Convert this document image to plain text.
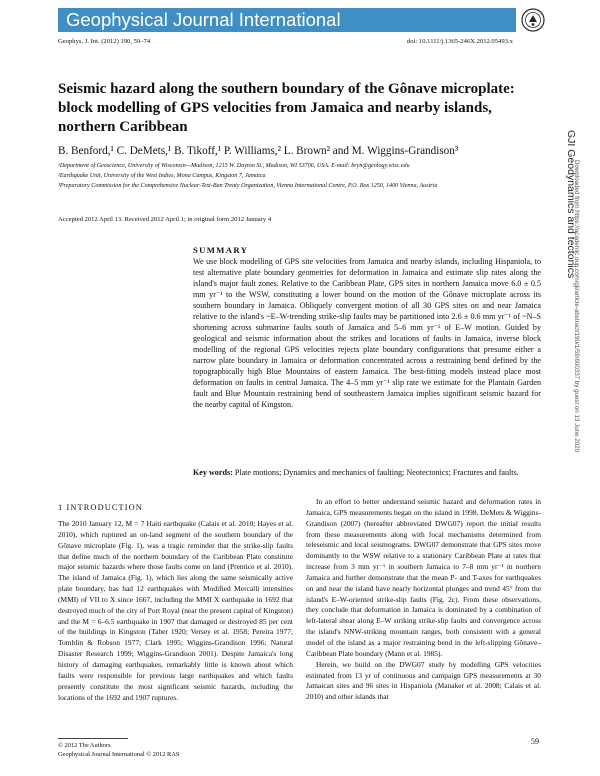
Geophysical Journal International
Geophys. J. Int. (2012) 190, 59–74	doi: 10.1111/j.1365-246X.2012.05493.x
Seismic hazard along the southern boundary of the Gônave microplate: block modelling of GPS velocities from Jamaica and nearby islands, northern Caribbean
B. Benford,¹ C. DeMets,¹ B. Tikoff,¹ P. Williams,² L. Brown² and M. Wiggins-Grandison³
¹Department of Geoscience, University of Wisconsin—Madison, 1215 W. Dayton St., Madison, WI 53706, USA. E-mail: bryn@geology.wisc.edu
²Earthquake Unit, University of the West Indies, Mona Campus, Kingston 7, Jamaica
³Preparatory Commission for the Comprehensive Nuclear-Test-Ban Treaty Organization, Vienna International Centre, P.O. Box 1250, 1400 Vienna, Austria
Accepted 2012 April 13. Received 2012 April 1; in original form 2012 January 4
SUMMARY
We use block modelling of GPS site velocities from Jamaica and nearby islands, including Hispaniola, to test alternative plate boundary geometries for deformation in Jamaica and estimate slip rates along the island's major fault zones. Relative to the Caribbean Plate, GPS sites in northern Jamaica move 6.0 ± 0.5 mm yr⁻¹ to the WSW, constituting a lower bound on the motion of the Gônave microplate across its southern boundary in Jamaica. Obliquely convergent motion of all 30 GPS sites on and near Jamaica relative to the island's ~E–W-trending strike-slip faults may be partitioned into 2.6 ± 0.6 mm yr⁻¹ of ~N–S shortening across submarine faults south of Jamaica and 5–6 mm yr⁻¹ of E–W motion. Guided by geological and seismic information about the strikes and locations of faults in Jamaica, inverse block modelling of the regional GPS velocities rejects plate boundary configurations that presume either a narrow plate boundary in Jamaica or deformation concentrated across a restraining bend defined by the topographically high Blue Mountains of eastern Jamaica. The best-fitting models instead place most deformation on faults in central Jamaica. The 4–5 mm yr⁻¹ slip rate we estimate for the Plantain Garden fault and Blue Mountain restraining bend of southeastern Jamaica implies significant seismic hazard for the nearby capital of Kingston.
Key words: Plate motions; Dynamics and mechanics of faulting; Neotectonics; Fractures and faults.
1 INTRODUCTION

The 2010 January 12, M = 7 Haiti earthquake (Calais et al. 2010; Hayes et al. 2010), which ruptured an on-land segment of the southern boundary of the Gônave microplate (Fig. 1), was a tragic reminder that the strike-slip faults that define much of the northern boundary of the Caribbean Plate constitute major seismic hazards where those faults come on land (Prentice et al. 2010). The island of Jamaica (Fig. 1), which lies along the same seismically active plate boundary, has had 12 earthquakes with Modified Mercalli intensities (MMI) of VII to X since 1667, including the MMI X earthquake in 1692 that destroyed much of the city of Port Royal (near the present capital of Kingston) and the M = 6–6.5 earthquake in 1907 that damaged or destroyed 85 per cent of the buildings in Kingston (Taber 1920; Versey et al. 1958; Pereira 1977; Tomblin & Robson 1977; Clark 1995; Wiggins-Grandison 1996; Natural Disaster Research 1999; Wiggins-Grandison 2001). Despite Jamaica's long history of damaging earthquakes, remarkably little is known about which faults were responsible for previous large earthquakes and which faults presently constitute the most significant seismic hazards, including the locations of the 1692 and 1907 ruptures.

In an effort to better understand seismic hazard and deformation rates in Jamaica, GPS measurements began on the island in 1998. DeMets & Wiggins-Grandison (2007) (hereafter abbreviated DWG07) report the initial results from these measurements along with focal mechanisms determined from teleseismic and local seismograms. DWG07 demonstrate that GPS sites move dominantly to the WSW relative to a stationary Caribbean Plate at rates that increase from 3 mm yr⁻¹ in southern Jamaica to 7–8 mm yr⁻¹ in northern Jamaica and further demonstrate that the mean P- and T-axes for earthquakes on and near the island have nearly horizontal plunges and trend 45° from the island's E–W-oriented strike-slip faults (Fig. 2c). From these observations, they conclude that deformation in Jamaica is dominated by a combination of left-lateral shear along E–W striking strike-slip faults and convergence across the island's NNW-striking mountain ranges, both consistent with a general model of the island as a major restraining bend in the left-slipping Gônave–Caribbean Plate boundary (Mann et al. 1985).

Herein, we build on the DWG07 study by modelling GPS velocities estimated from 13 yr of continuous and campaign GPS measurements at 30 Jamaican sites and 96 sites in Hispaniola (Manaker et al. 2008; Calais et al. 2010) and other islands that

© 2012 The Authors
Geophysical Journal International © 2012 RAS
59
GJI Geodynamics and tectonics
Downloaded from https://academic.oup.com/gji/article-abstract/190/1/59/600337 by guest on 13 June 2020
